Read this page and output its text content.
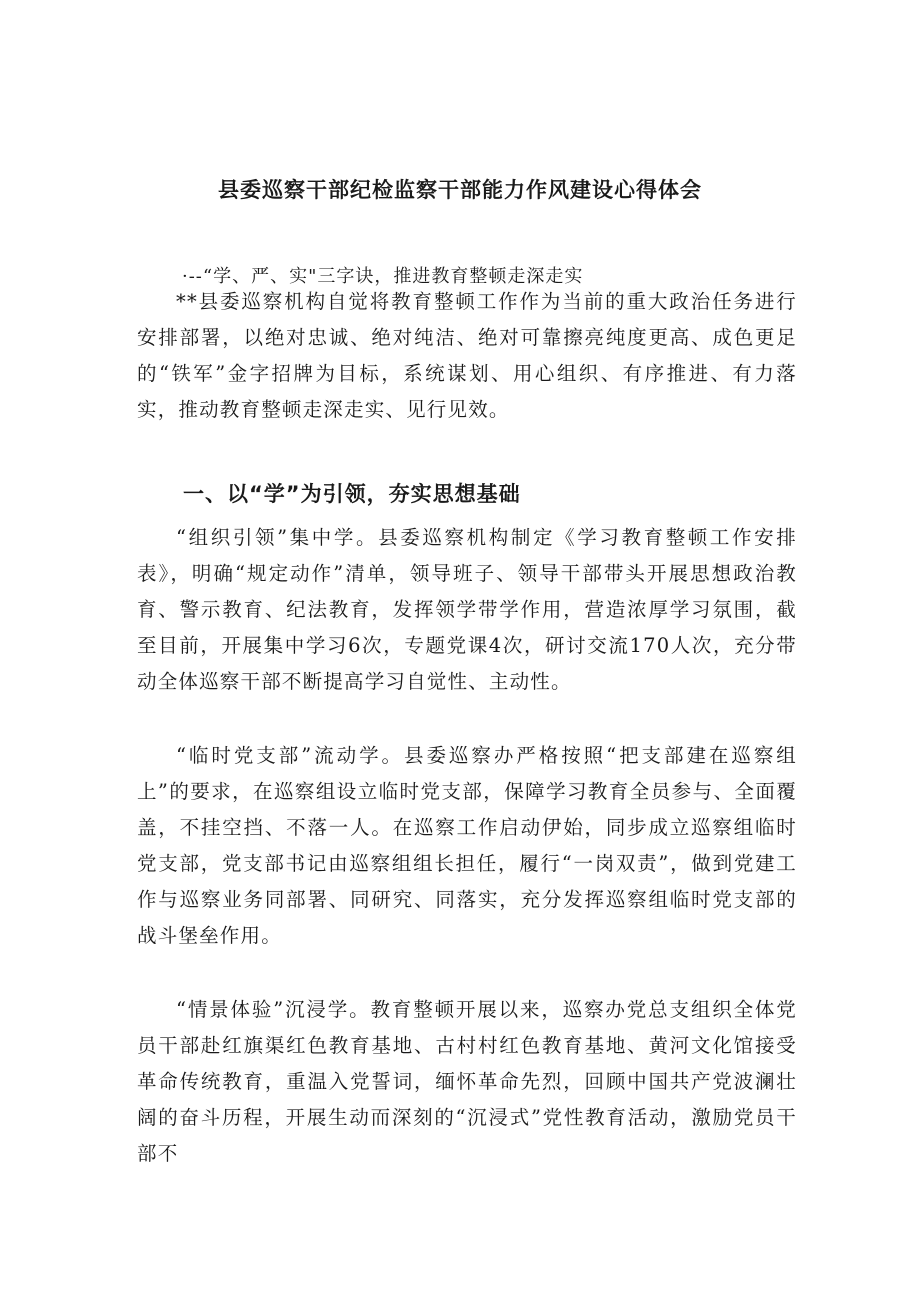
县委巡察干部纪检监察干部能力作风建设心得体会

·--“学、严、实"三字诀，推进教育整顿走深走实

**县委巡察机构自觉将教育整顿工作作为当前的重大政治任务进行安排部署，以绝对忠诚、绝对纯洁、绝对可靠擦亮纯度更高、成色更足的“铁军”金字招牌为目标，系统谋划、用心组织、有序推进、有力落实，推动教育整顿走深走实、见行见效。

一、以“学”为引领，夯实思想基础

“组织引领”集中学。县委巡察机构制定《学习教育整顿工作安排表》，明确“规定动作”清单，领导班子、领导干部带头开展思想政治教育、警示教育、纪法教育，发挥领学带学作用，营造浓厚学习氛围，截至目前，开展集中学习6次，专题党课4次，研讨交流170人次，充分带动全体巡察干部不断提高学习自觉性、主动性。

“临时党支部”流动学。县委巡察办严格按照“把支部建在巡察组上”的要求，在巡察组设立临时党支部，保障学习教育全员参与、全面覆盖，不挂空挡、不落一人。在巡察工作启动伊始，同步成立巡察组临时党支部，党支部书记由巡察组组长担任，履行“一岗双责”，做到党建工作与巡察业务同部署、同研究、同落实，充分发挥巡察组临时党支部的战斗堡垒作用。

“情景体验”沉浸学。教育整顿开展以来，巡察办党总支组织全体党员干部赴红旗渠红色教育基地、古村村红色教育基地、黄河文化馆接受革命传统教育，重温入党誓词，缅怀革命先烈，回顾中国共产党波澜壮阔的奋斗历程，开展生动而深刻的“沉浸式”党性教育活动，激励党员干部不
